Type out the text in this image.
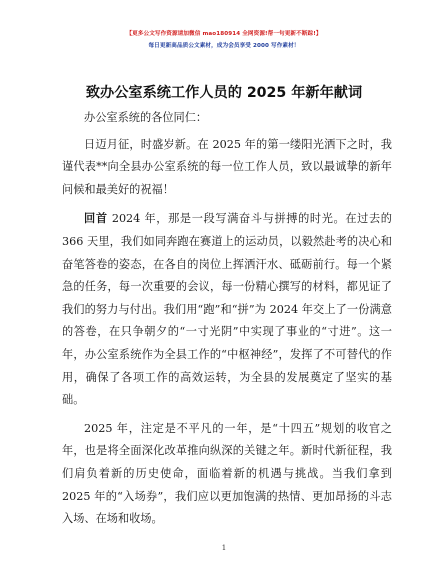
【更多公文写作资源请加微信 mao180914 全网资源!帮一句更新不断踪!】
每日更新高品质公文素材，成为会员享受 2000 写作素材！
致办公室系统工作人员的 2025 年新年献词

办公室系统的各位同仁：

日迈月征，时盛岁新。在 2025 年的第一缕阳光洒下之时，我谨代表**向全县办公室系统的每一位工作人员，致以最诚挚的新年问候和最美好的祝福！

回首 2024 年，那是一段写满奋斗与拼搏的时光。在过去的 366 天里，我们如同奔跑在赛道上的运动员，以毅然赴考的决心和奋笔答卷的姿态，在各自的岗位上挥洒汗水、砥砺前行。每一个紧急的任务，每一次重要的会议，每一份精心撰写的材料，都见证了我们的努力与付出。我们用“跑”和“拼”为 2024 年交上了一份满意的答卷，在只争朝夕的“一寸光阴”中实现了事业的“寸进”。这一年，办公室系统作为全县工作的“中枢神经”，发挥了不可替代的作用，确保了各项工作的高效运转，为全县的发展奠定了坚实的基础。

2025 年，注定是不平凡的一年，是“十四五”规划的收官之年，也是将全面深化改革推向纵深的关键之年。新时代新征程，我们肩负着新的历史使命，面临着新的机遇与挑战。当我们拿到 2025 年的“入场券”，我们应以更加饱满的热情、更加昂扬的斗志入场、在场和收场。

1
